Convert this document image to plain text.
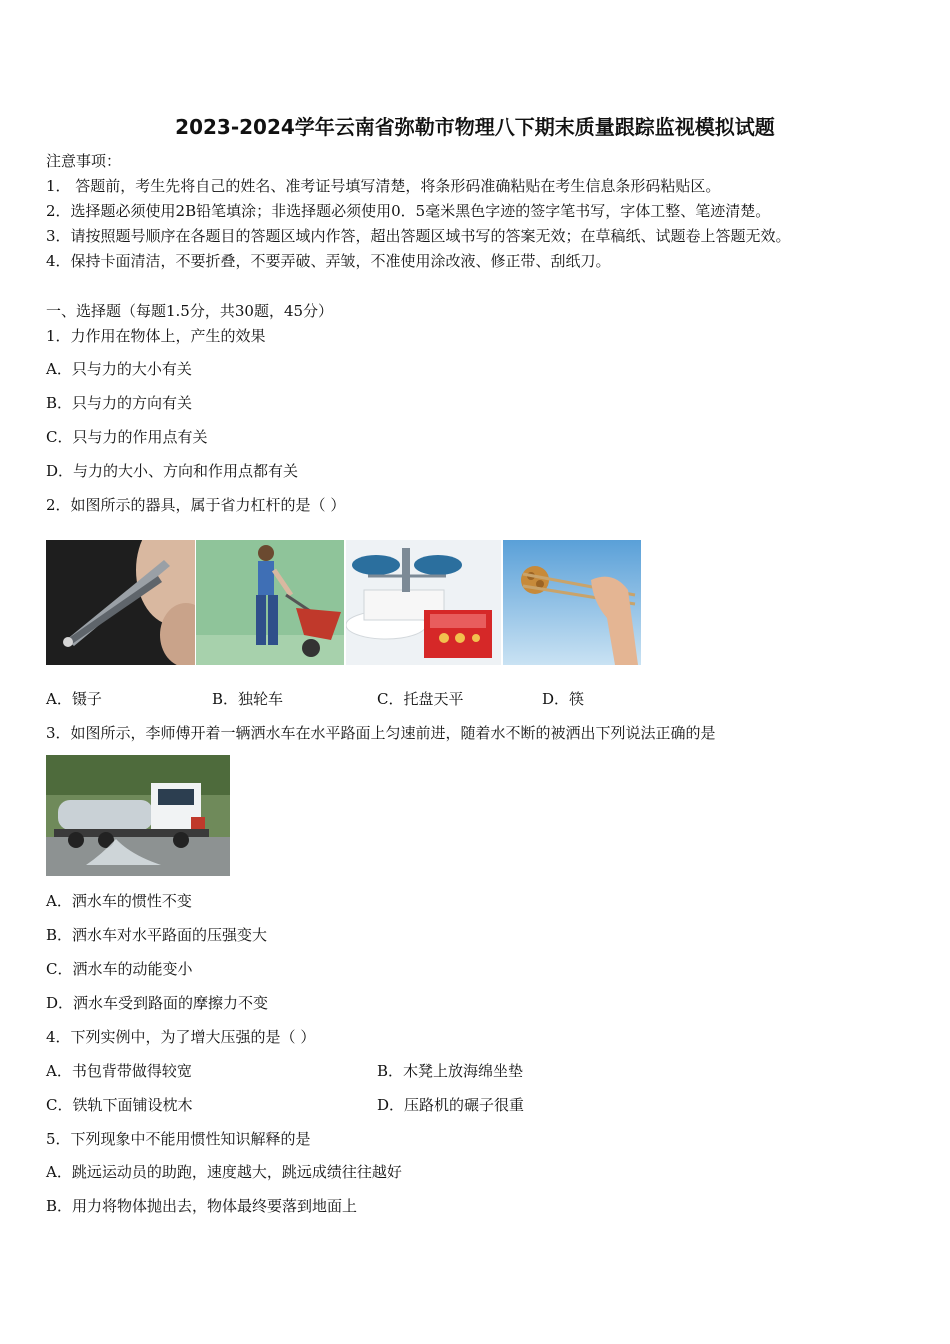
2023-2024学年云南省弥勒市物理八下期末质量跟踪监视模拟试题
注意事项：
1． 答题前，考生先将自己的姓名、准考证号填写清楚，将条形码准确粘贴在考生信息条形码粘贴区。
2．选择题必须使用2B铅笔填涂；非选择题必须使用0．5毫米黑色字迹的签字笔书写，字体工整、笔迹清楚。
3．请按照题号顺序在各题目的答题区域内作答，超出答题区域书写的答案无效；在草稿纸、试题卷上答题无效。
4．保持卡面清洁，不要折叠，不要弄破、弄皱，不准使用涂改液、修正带、刮纸刀。
一、选择题（每题1.5分，共30题，45分）
1．力作用在物体上，产生的效果
A．只与力的大小有关
B．只与力的方向有关
C．只与力的作用点有关
D．与力的大小、方向和作用点都有关
2．如图所示的器具，属于省力杠杆的是（ ）
A．镊子	B．独轮车	C．托盘天平	D．筷
3．如图所示，李师傅开着一辆洒水车在水平路面上匀速前进，随着水不断的被洒出下列说法正确的是
A．洒水车的惯性不变
B．洒水车对水平路面的压强变大
C．洒水车的动能变小
D．洒水车受到路面的摩擦力不变
4．下列实例中，为了增大压强的是（ ）
A．书包背带做得较宽	B．木凳上放海绵坐垫
C．铁轨下面铺设枕木	D．压路机的碾子很重
5．下列现象中不能用惯性知识解释的是
A．跳远运动员的助跑，速度越大，跳远成绩往往越好
B．用力将物体抛出去，物体最终要落到地面上
